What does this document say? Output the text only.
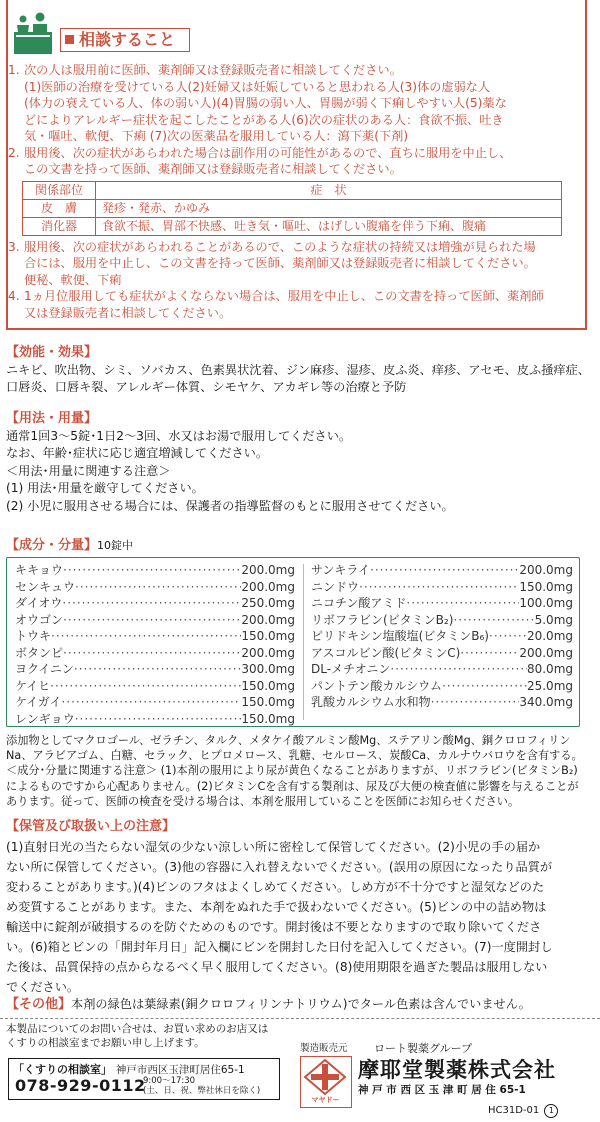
相談すること
1. 次の人は服用前に医師、薬剤師又は登録販売者に相談してください。
(1)医師の治療を受けている人(2)妊婦又は妊娠していると思われる人(3)体の虚弱な人
(体力の衰えている人、体の弱い人)(4)胃腸の弱い人、胃腸が弱く下痢しやすい人(5)薬な
どによりアレルギー症状を起こしたことがある人(6)次の症状のある人：食欲不振、吐き
気・嘔吐、軟便、下痢 (7)次の医薬品を服用している人：瀉下薬(下剤)
2. 服用後、次の症状があらわれた場合は副作用の可能性があるので、直ちに服用を中止し、
この文書を持って医師、薬剤師又は登録販売者に相談してください。
関係部位	症　状
皮　膚	発疹・発赤、かゆみ
消化器	食欲不振、胃部不快感、吐き気・嘔吐、はげしい腹痛を伴う下痢、腹痛
3. 服用後、次の症状があらわれることがあるので、このような症状の持続又は増強が見られた場
合には、服用を中止し、この文書を持って医師、薬剤師又は登録販売者に相談してください。
便秘、軟便、下痢
4. 1ヵ月位服用しても症状がよくならない場合は、服用を中止し、この文書を持って医師、薬剤師
又は登録販売者に相談してください。
【効能・効果】
ニキビ、吹出物、シミ、ソバカス、色素異状沈着、ジン麻疹、湿疹、皮ふ炎、痒疹、アセモ、皮ふ掻痒症、
口唇炎、口唇キ裂、アレルギー体質、シモヤケ、アカギレ等の治療と予防
【用法・用量】
通常1回3〜5錠･1日2〜3回、水又はお湯で服用してください。
なお、年齢･症状に応じ適宜増減してください。
＜用法･用量に関連する注意＞
(1) 用法･用量を厳守してください。
(2) 小児に服用させる場合には、保護者の指導監督のもとに服用させてください。
【成分・分量】10錠中
キキョウ ·····	200.0mg
センキュウ ·····	200.0mg
ダイオウ ·····	250.0mg
オウゴン ·····	200.0mg
トウキ ·····	150.0mg
ボタンピ ·····	200.0mg
ヨクイニン ·····	300.0mg
ケイヒ ·····	150.0mg
ケイガイ ·····	150.0mg
レンギョウ ·····	150.0mg
サンキライ ·····	200.0mg
ニンドウ ·····	150.0mg
ニコチン酸アミド ·····	100.0mg
リボフラビン(ビタミンB₂) ·····	5.0mg
ピリドキシン塩酸塩(ビタミンB₆) ·····	20.0mg
アスコルビン酸(ビタミンC) ·····	200.0mg
DL-メチオニン ·····	80.0mg
パントテン酸カルシウム ·····	25.0mg
乳酸カルシウム水和物 ·····	340.0mg
添加物としてマクロゴール、ゼラチン、タルク、メタケイ酸アルミン酸Mg、ステアリン酸Mg、銅クロロフィリン
Na、アラビアゴム、白糖、セラック、ヒプロメロース、乳糖、セルロース、炭酸Ca、カルナウバロウを含有する。
＜成分･分量に関連する注意＞ (1)本剤の服用により尿が黄色くなることがありますが、リボフラビン(ビタミンB₂)
によるものですから心配ありません。(2)ビタミンCを含有する製剤は、尿及び大便の検査値に影響を与えることが
あります。従って、医師の検査を受ける場合は、本剤を服用していることを医師にお知らせください。
【保管及び取扱い上の注意】
(1)直射日光の当たらない湿気の少ない涼しい所に密栓して保管してください。(2)小児の手の届か
ない所に保管してください。(3)他の容器に入れ替えないでください。(誤用の原因になったり品質が
変わることがあります。)(4)ビンのフタはよくしめてください。しめ方が不十分ですと湿気などのた
め変質することがあります。また、本剤をぬれた手で扱わないでください。(5)ビンの中の詰め物は
輸送中に錠剤が破損するのを防ぐためのものです。開封後は不要となりますので取り除いてくださ
い。(6)箱とビンの「開封年月日」記入欄にビンを開封した日付を記入してください。(7)一度開封し
た後は、品質保持の点からなるべく早く服用してください。(8)使用期限を過ぎた製品は服用しない
でください。
【その他】本剤の緑色は葉緑素(銅クロロフィリンナトリウム)でタール色素は含んでいません。
本製品についてのお問い合せは、お買い求めのお店又は
くすりの相談室までお願い申し上げます。
「くすりの相談室」 神戸市西区玉津町居住65-1
078-929-0112
9:00〜17:30
(土、日、祝、弊社休日を除く)
製造販売元
マヤドー
ロート製薬グループ
摩耶堂製薬株式会社
神 戸 市 西 区 玉 津 町 居 住 65-1
HC31D-01 1
